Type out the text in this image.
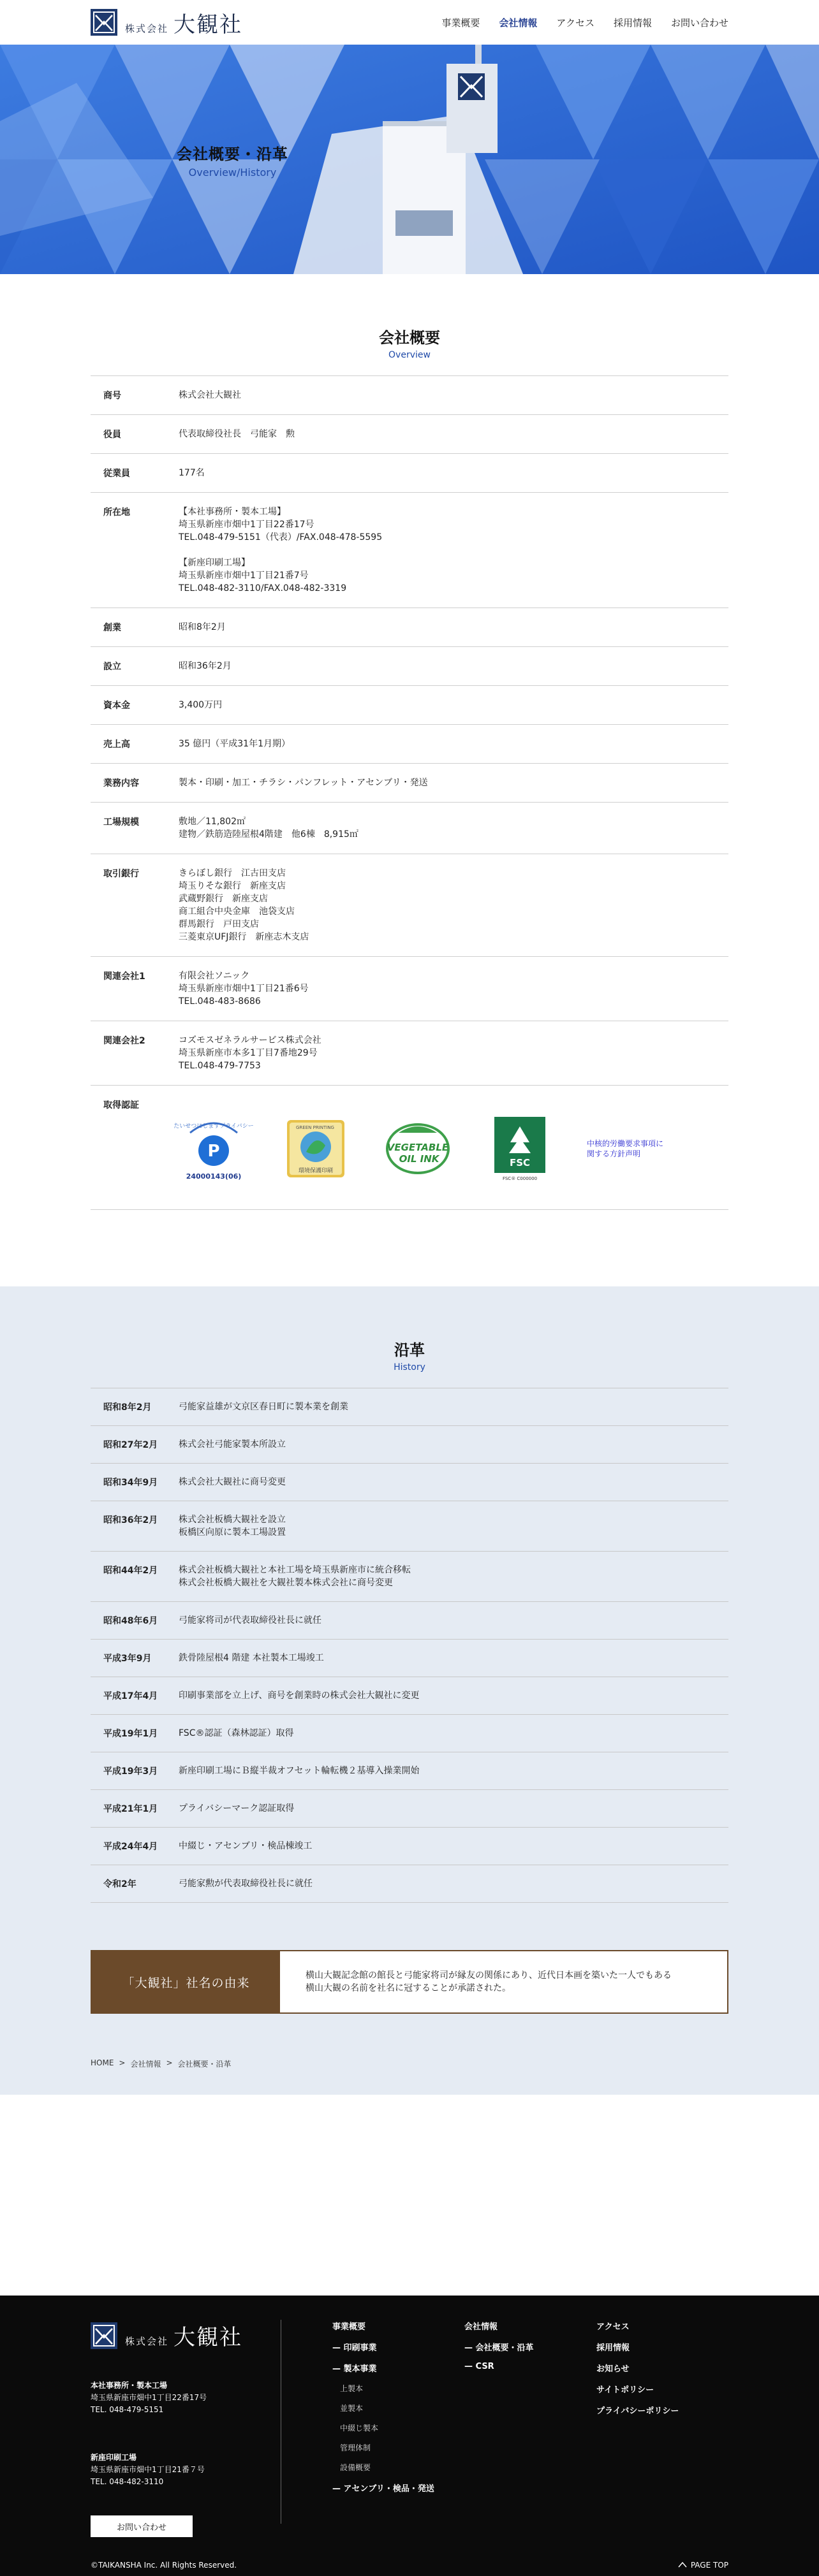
株式会社 大観社	事業概要 会社情報 アクセス 採用情報 お問い合わせ
会社概要・沿革

Overview/History

会社概要

Overview

商号	株式会社大観社
役員	代表取締役社長　弓能家　勲
従業員	177名
所在地	【本社事務所・製本工場】
埼玉県新座市畑中1丁目22番17号
TEL.048-479-5151（代表）/FAX.048-478-5595

【新座印刷工場】
埼玉県新座市畑中1丁目21番7号
TEL.048-482-3110/FAX.048-482-3319
創業	昭和8年2月
設立	昭和36年2月
資本金	3,400万円
売上高	35 億円（平成31年1月期）
業務内容	製本・印刷・加工・チラシ・パンフレット・アセンブリ・発送
工場規模	敷地／11,802㎡
建物／鉄筋造陸屋根4階建　他6棟　8,915㎡
取引銀行	きらぼし銀行　江古田支店
埼玉りそな銀行　新座支店
武蔵野銀行　新座支店
商工組合中央金庫　池袋支店
群馬銀行　戸田支店
三菱東京UFJ銀行　新座志木支店
関連会社1	有限会社ソニック
埼玉県新座市畑中1丁目21番6号
TEL.048-483-8686
関連会社2	コズモスゼネラルサービス株式会社
埼玉県新座市本多1丁目7番地29号
TEL.048-479-7753
取得認証

たいせつにしますプライバシー
P
24000143(06)
GREEN PRINTING
環境保護印刷
VEGETABLE
OIL INK	FSC
FSC® C000000
中核的労働要求事項に
関する方針声明

沿革

History

昭和8年2月	弓能家益雄が文京区春日町に製本業を創業
昭和27年2月	株式会社弓能家製本所設立
昭和34年9月	株式会社大観社に商号変更
昭和36年2月	株式会社板橋大観社を設立
板橋区向原に製本工場設置
昭和44年2月	株式会社板橋大観社と本社工場を埼玉県新座市に統合移転
株式会社板橋大観社を大観社製本株式会社に商号変更
昭和48年6月	弓能家将司が代表取締役社長に就任
平成3年9月	鉄骨陸屋根4 階建 本社製本工場竣工
平成17年4月	印刷事業部を立上げ、商号を創業時の株式会社大観社に変更
平成19年1月	FSC®認証（森林認証）取得
平成19年3月	新座印刷工場にＢ縦半裁オフセット輪転機２基導入操業開始
平成21年1月	プライバシーマーク認証取得
平成24年4月	中綴じ・アセンブリ・検品棟竣工
令和2年	弓能家勲が代表取締役社長に就任
「大観社」社名の由来
横山大観記念館の館長と弓能家将司が縁友の関係にあり、近代日本画を築いた一人でもある
横山大観の名前を社名に冠することが承諾された。
HOME > 会社情報 > 会社概要・沿革
株式会社 大観社

本社事務所・製本工場

埼玉県新座市畑中1丁目22番17号
TEL. 048-479-5151

新座印刷工場

埼玉県新座市畑中1丁目21番７号
TEL. 048-482-3110

お問い合わせ
事業概要
— 印刷事業
— 製本事業
上製本
並製本
中綴じ製本
管理体制
設備概要
— アセンブリ・検品・発送
会社情報
— 会社概要・沿革
— CSR
アクセス
採用情報
お知らせ
サイトポリシー
プライバシーポリシー
©TAIKANSHA Inc. All Rights Reserved.	PAGE TOP
